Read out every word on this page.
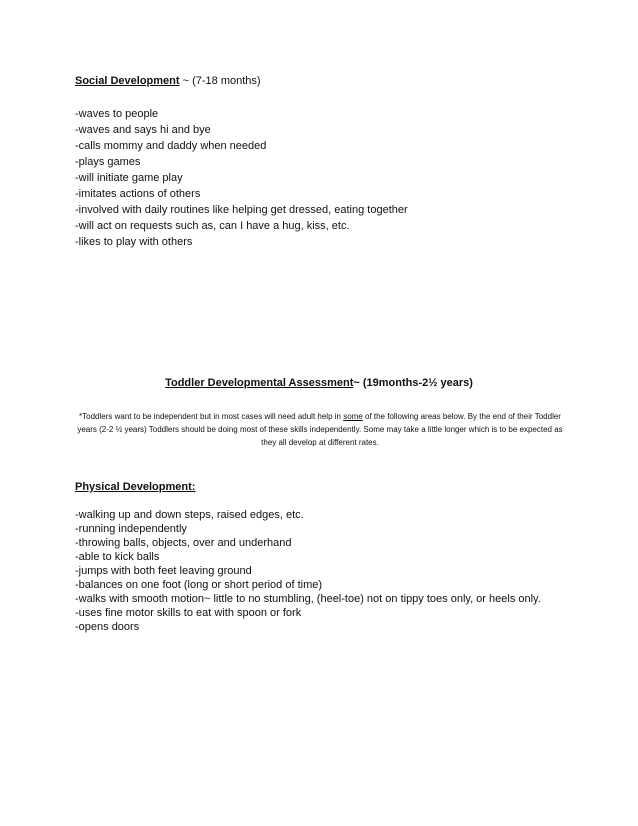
Social Development ~ (7-18 months)

-waves to people
-waves and says hi and bye
-calls mommy and daddy when needed
-plays games
-will initiate game play
-imitates actions of others
-involved with daily routines like helping get dressed, eating together
-will act on requests such as, can I have a hug, kiss, etc.
-likes to play with others
Toddler Developmental Assessment~ (19months-2½ years)

*Toddlers want to be independent but in most cases will need adult help in some of the following areas below. By the end of their Toddler years (2-2 ½ years) Toddlers should be doing most of these skills independently. Some may take a little longer which is to be expected as they all develop at different rates.

Physical Development:

-walking up and down steps, raised edges, etc.
-running independently
-throwing balls, objects, over and underhand
-able to kick balls
-jumps with both feet leaving ground
-balances on one foot (long or short period of time)
-walks with smooth motion~ little to no stumbling, (heel-toe) not on tippy toes only, or heels only.
-uses fine motor skills to eat with spoon or fork
-opens doors
